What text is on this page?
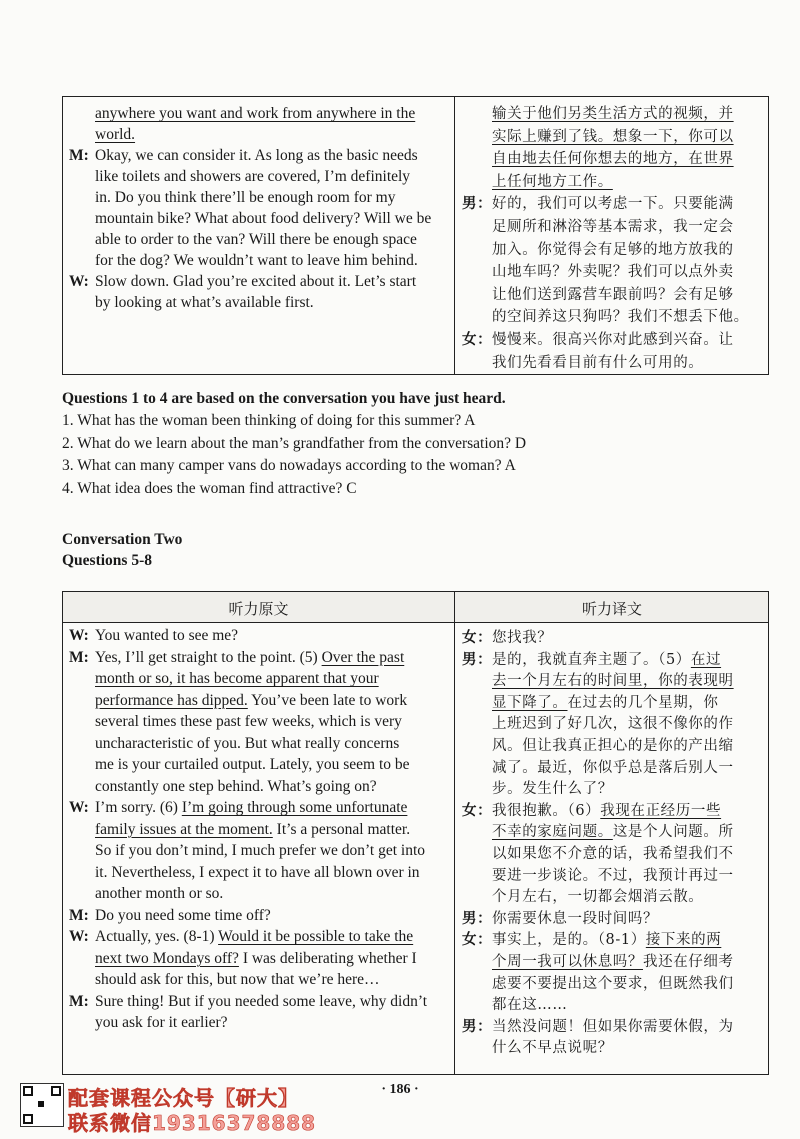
anywhere you want and work from anywhere in the
world.
M: Okay, we can consider it. As long as the basic needs
like toilets and showers are covered, I’m definitely
in. Do you think there’ll be enough room for my
mountain bike? What about food delivery? Will we be
able to order to the van? Will there be enough space
for the dog? We wouldn’t want to leave him behind.
W: Slow down. Glad you’re excited about it. Let’s start
by looking at what’s available first.
输关于他们另类生活方式的视频，并
实际上赚到了钱。想象一下，你可以
自由地去任何你想去的地方，在世界
上任何地方工作。
男： 好的，我们可以考虑一下。只要能满
足厕所和淋浴等基本需求，我一定会
加入。你觉得会有足够的地方放我的
山地车吗？外卖呢？我们可以点外卖
让他们送到露营车跟前吗？会有足够
的空间养这只狗吗？我们不想丢下他。
女： 慢慢来。很高兴你对此感到兴奋。让
我们先看看目前有什么可用的。
Questions 1 to 4 are based on the conversation you have just heard.
1. What has the woman been thinking of doing for this summer? A
2. What do we learn about the man’s grandfather from the conversation? D
3. What can many camper vans do nowadays according to the woman? A
4. What idea does the woman find attractive? C
Conversation Two
Questions 5-8
听力原文	听力译文
W: You wanted to see me?
M: Yes, I’ll get straight to the point. (5) Over the past
month or so, it has become apparent that your
performance has dipped. You’ve been late to work
several times these past few weeks, which is very
uncharacteristic of you. But what really concerns
me is your curtailed output. Lately, you seem to be
constantly one step behind. What’s going on?
W: I’m sorry. (6) I’m going through some unfortunate
family issues at the moment. It’s a personal matter.
So if you don’t mind, I much prefer we don’t get into
it. Nevertheless, I expect it to have all blown over in
another month or so.
M: Do you need some time off?
W: Actually, yes. (8-1) Would it be possible to take the
next two Mondays off? I was deliberating whether I
should ask for this, but now that we’re here…
M: Sure thing! But if you needed some leave, why didn’t
you ask for it earlier?
女： 您找我？
男： 是的，我就直奔主题了。（5）在过
去一个月左右的时间里，你的表现明
显下降了。在过去的几个星期，你
上班迟到了好几次，这很不像你的作
风。但让我真正担心的是你的产出缩
减了。最近，你似乎总是落后别人一
步。发生什么了？
女： 我很抱歉。（6）我现在正经历一些
不幸的家庭问题。这是个人问题。所
以如果您不介意的话，我希望我们不
要进一步谈论。不过，我预计再过一
个月左右，一切都会烟消云散。
男： 你需要休息一段时间吗？
女： 事实上，是的。（8-1）接下来的两
个周一我可以休息吗？我还在仔细考
虑要不要提出这个要求，但既然我们
都在这……
男： 当然没问题！但如果你需要休假，为
什么不早点说呢？
· 186 ·
配套课程公众号【研大】
联系微信19316378888
